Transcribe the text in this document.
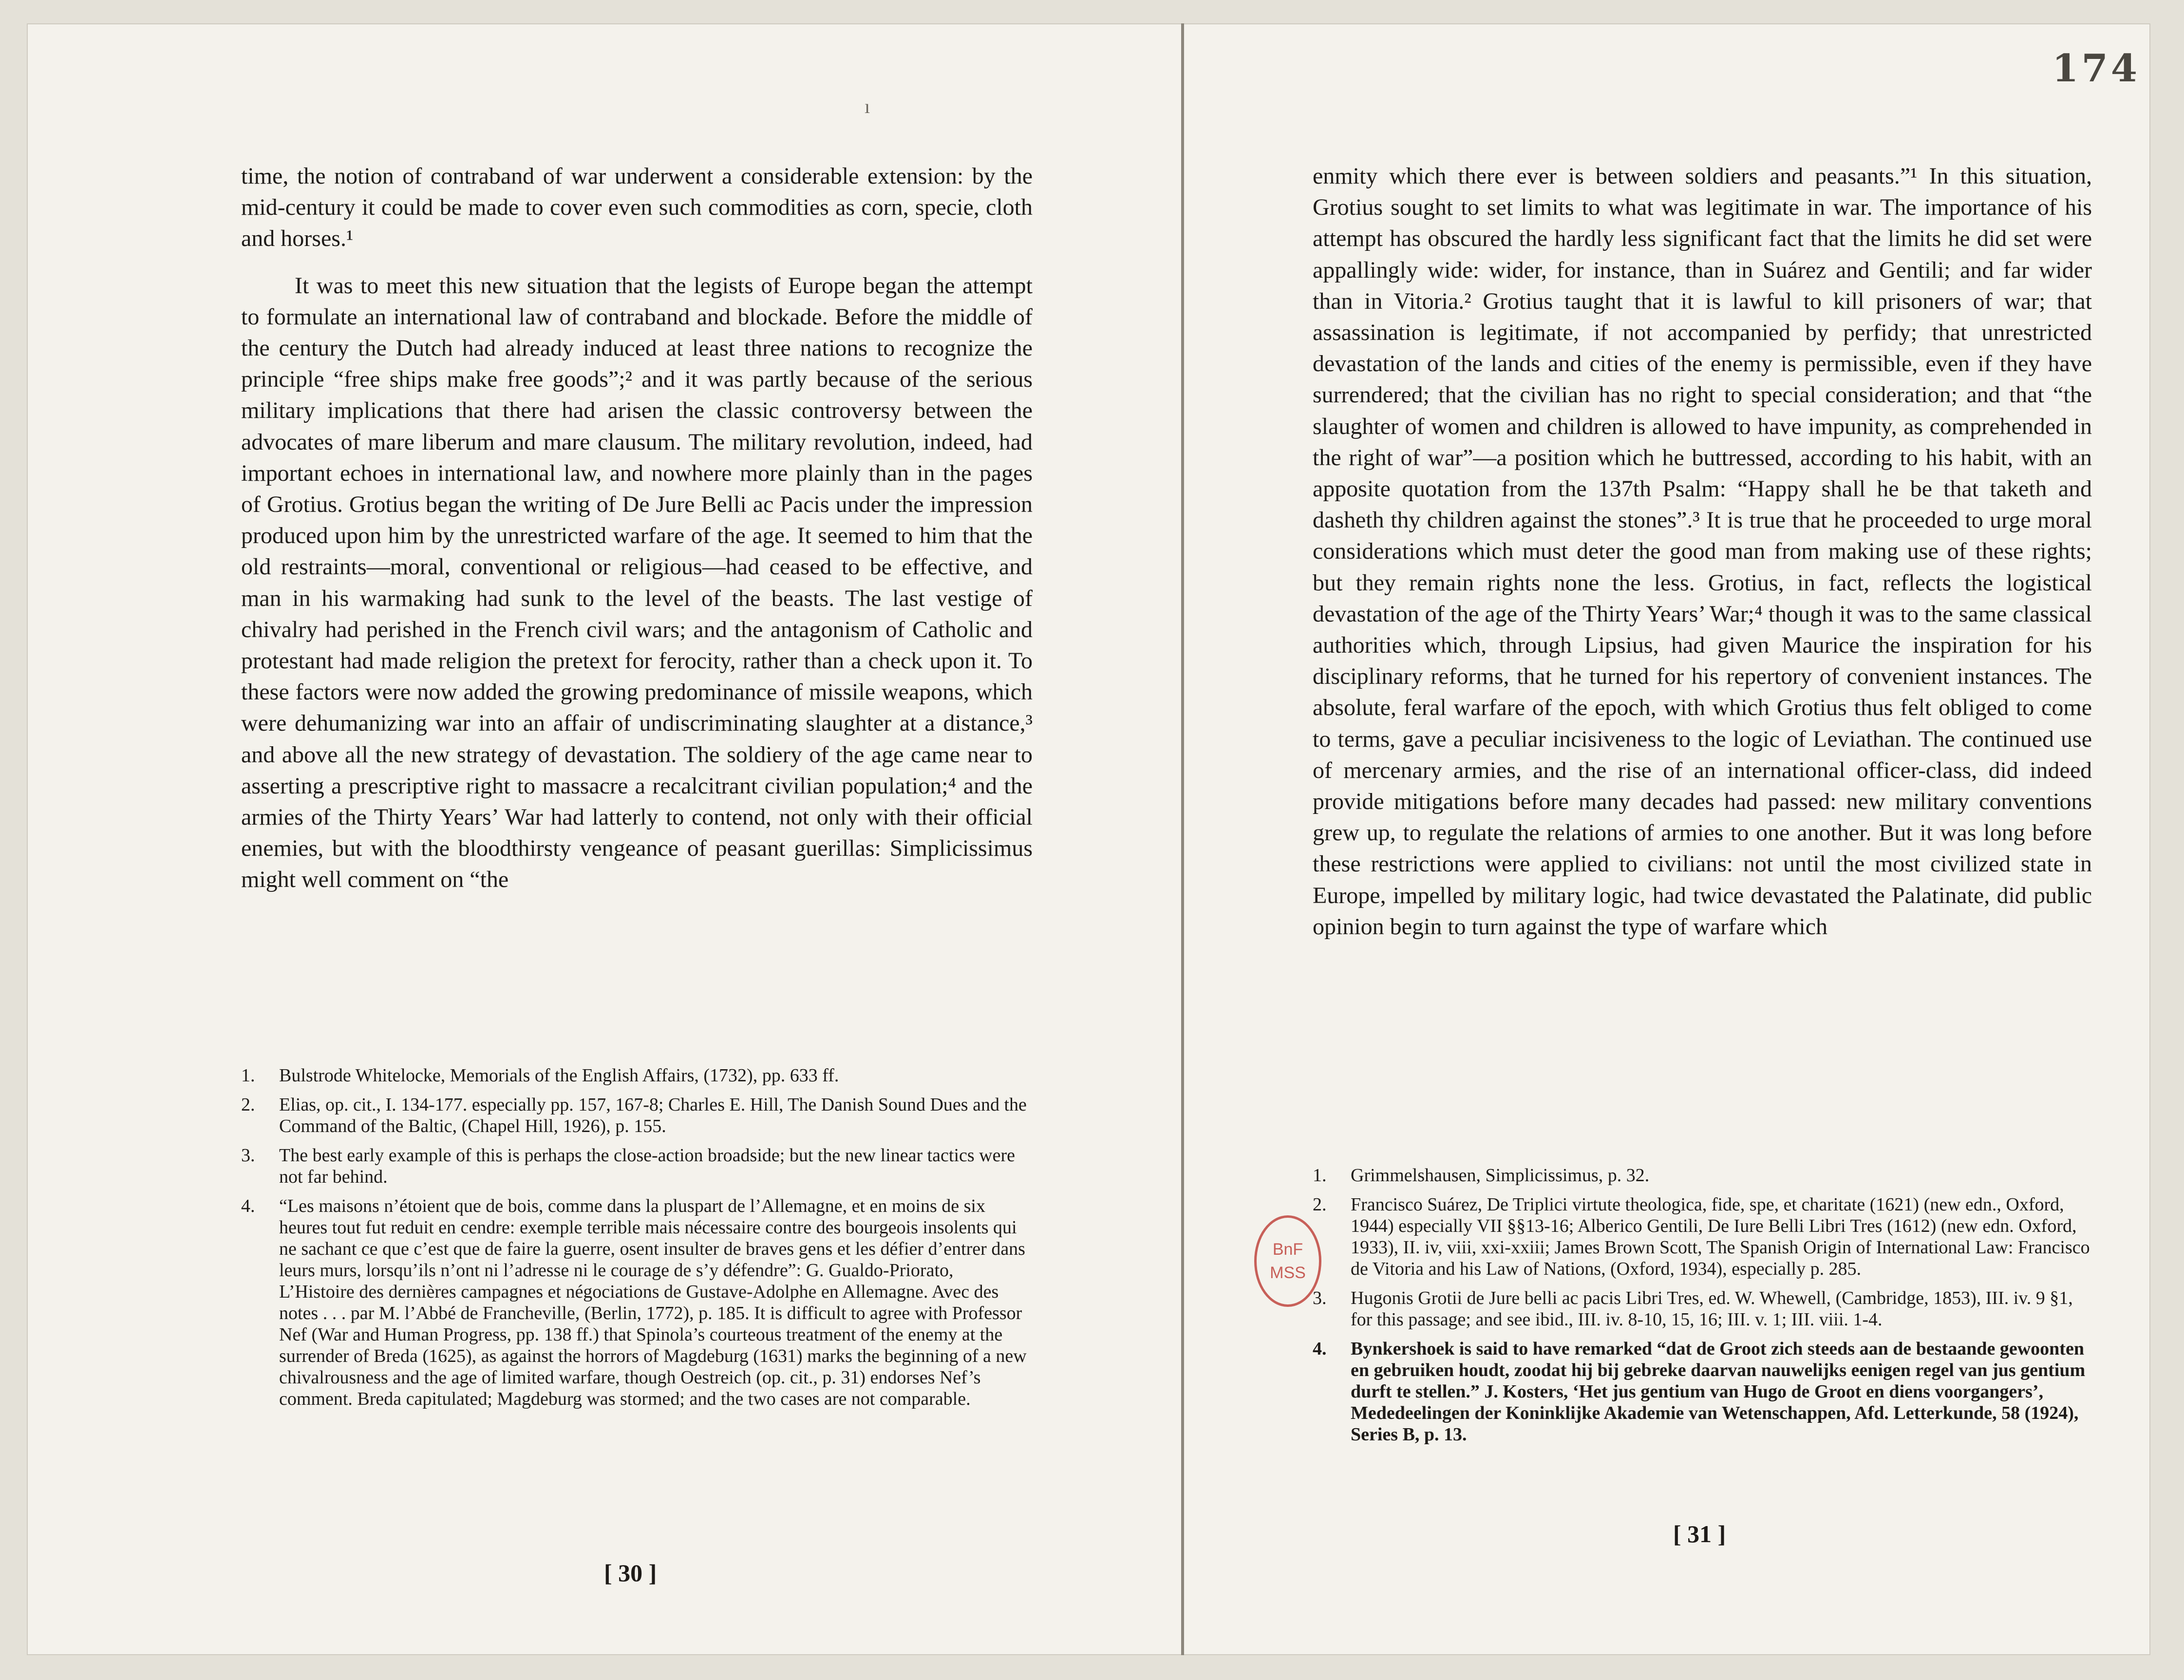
174
ı

time, the notion of contraband of war underwent a considerable extension: by the mid-century it could be made to cover even such commodities as corn, specie, cloth and horses.¹

It was to meet this new situation that the legists of Europe began the attempt to formulate an international law of contraband and blockade. Before the middle of the century the Dutch had already induced at least three nations to recognize the principle “free ships make free goods”;² and it was partly because of the serious military implications that there had arisen the classic controversy between the advocates of mare liberum and mare clausum. The military revolution, indeed, had important echoes in international law, and nowhere more plainly than in the pages of Grotius. Grotius began the writing of De Jure Belli ac Pacis under the impression produced upon him by the unrestricted warfare of the age. It seemed to him that the old restraints—moral, conventional or religious—had ceased to be effective, and man in his warmaking had sunk to the level of the beasts. The last vestige of chivalry had perished in the French civil wars; and the antagonism of Catholic and protestant had made religion the pretext for ferocity, rather than a check upon it. To these factors were now added the growing predominance of missile weapons, which were dehumanizing war into an affair of undiscriminating slaughter at a distance,³ and above all the new strategy of devastation. The soldiery of the age came near to asserting a prescriptive right to massacre a recalcitrant civilian population;⁴ and the armies of the Thirty Years’ War had latterly to contend, not only with their official enemies, but with the bloodthirsty vengeance of peasant guerillas: Simplicissimus might well comment on “the

1. Bulstrode Whitelocke, Memorials of the English Affairs, (1732), pp. 633 ff.
2. Elias, op. cit., I. 134-177. especially pp. 157, 167-8; Charles E. Hill, The Danish Sound Dues and the Command of the Baltic, (Chapel Hill, 1926), p. 155.
3. The best early example of this is perhaps the close-action broadside; but the new linear tactics were not far behind.
4. “Les maisons n’étoient que de bois, comme dans la pluspart de l’Allemagne, et en moins de six heures tout fut reduit en cendre: exemple terrible mais nécessaire contre des bourgeois insolents qui ne sachant ce que c’est que de faire la guerre, osent insulter de braves gens et les défier d’entrer dans leurs murs, lorsqu’ils n’ont ni l’adresse ni le courage de s’y défendre”: G. Gualdo-Priorato, L’Histoire des dernières campagnes et négociations de Gustave-Adolphe en Allemagne. Avec des notes . . . par M. l’Abbé de Francheville, (Berlin, 1772), p. 185. It is difficult to agree with Professor Nef (War and Human Progress, pp. 138 ff.) that Spinola’s courteous treatment of the enemy at the surrender of Breda (1625), as against the horrors of Magdeburg (1631) marks the beginning of a new chivalrousness and the age of limited warfare, though Oestreich (op. cit., p. 31) endorses Nef’s comment. Breda capitulated; Magdeburg was stormed; and the two cases are not comparable.
[ 30 ]

enmity which there ever is between soldiers and peasants.”¹ In this situation, Grotius sought to set limits to what was legitimate in war. The importance of his attempt has obscured the hardly less significant fact that the limits he did set were appallingly wide: wider, for instance, than in Suárez and Gentili; and far wider than in Vitoria.² Grotius taught that it is lawful to kill prisoners of war; that assassination is legitimate, if not accompanied by perfidy; that unrestricted devastation of the lands and cities of the enemy is permissible, even if they have surrendered; that the civilian has no right to special consideration; and that “the slaughter of women and children is allowed to have impunity, as comprehended in the right of war”—a position which he buttressed, according to his habit, with an apposite quotation from the 137th Psalm: “Happy shall he be that taketh and dasheth thy children against the stones”.³ It is true that he proceeded to urge moral considerations which must deter the good man from making use of these rights; but they remain rights none the less. Grotius, in fact, reflects the logistical devastation of the age of the Thirty Years’ War;⁴ though it was to the same classical authorities which, through Lipsius, had given Maurice the inspiration for his disciplinary reforms, that he turned for his repertory of convenient instances. The absolute, feral warfare of the epoch, with which Grotius thus felt obliged to come to terms, gave a peculiar incisiveness to the logic of Leviathan. The continued use of mercenary armies, and the rise of an international officer-class, did indeed provide mitigations before many decades had passed: new military conventions grew up, to regulate the relations of armies to one another. But it was long before these restrictions were applied to civilians: not until the most civilized state in Europe, impelled by military logic, had twice devastated the Palatinate, did public opinion begin to turn against the type of warfare which

1. Grimmelshausen, Simplicissimus, p. 32.
2. Francisco Suárez, De Triplici virtute theologica, fide, spe, et charitate (1621) (new edn., Oxford, 1944) especially VII §§13-16; Alberico Gentili, De Iure Belli Libri Tres (1612) (new edn. Oxford, 1933), II. iv, viii, xxi-xxiii; James Brown Scott, The Spanish Origin of International Law: Francisco de Vitoria and his Law of Nations, (Oxford, 1934), especially p. 285.
3. Hugonis Grotii de Jure belli ac pacis Libri Tres, ed. W. Whewell, (Cambridge, 1853), III. iv. 9 §1, for this passage; and see ibid., III. iv. 8-10, 15, 16; III. v. 1; III. viii. 1-4.
4. Bynkershoek is said to have remarked “dat de Groot zich steeds aan de bestaande gewoonten en gebruiken houdt, zoodat hij bij gebreke daarvan nauwelijks eenigen regel van jus gentium durft te stellen.” J. Kosters, ‘Het jus gentium van Hugo de Groot en diens voorgangers’, Mededeelingen der Koninklijke Akademie van Wetenschappen, Afd. Letterkunde, 58 (1924), Series B, p. 13.
[ 31 ]
BnF
MSS
